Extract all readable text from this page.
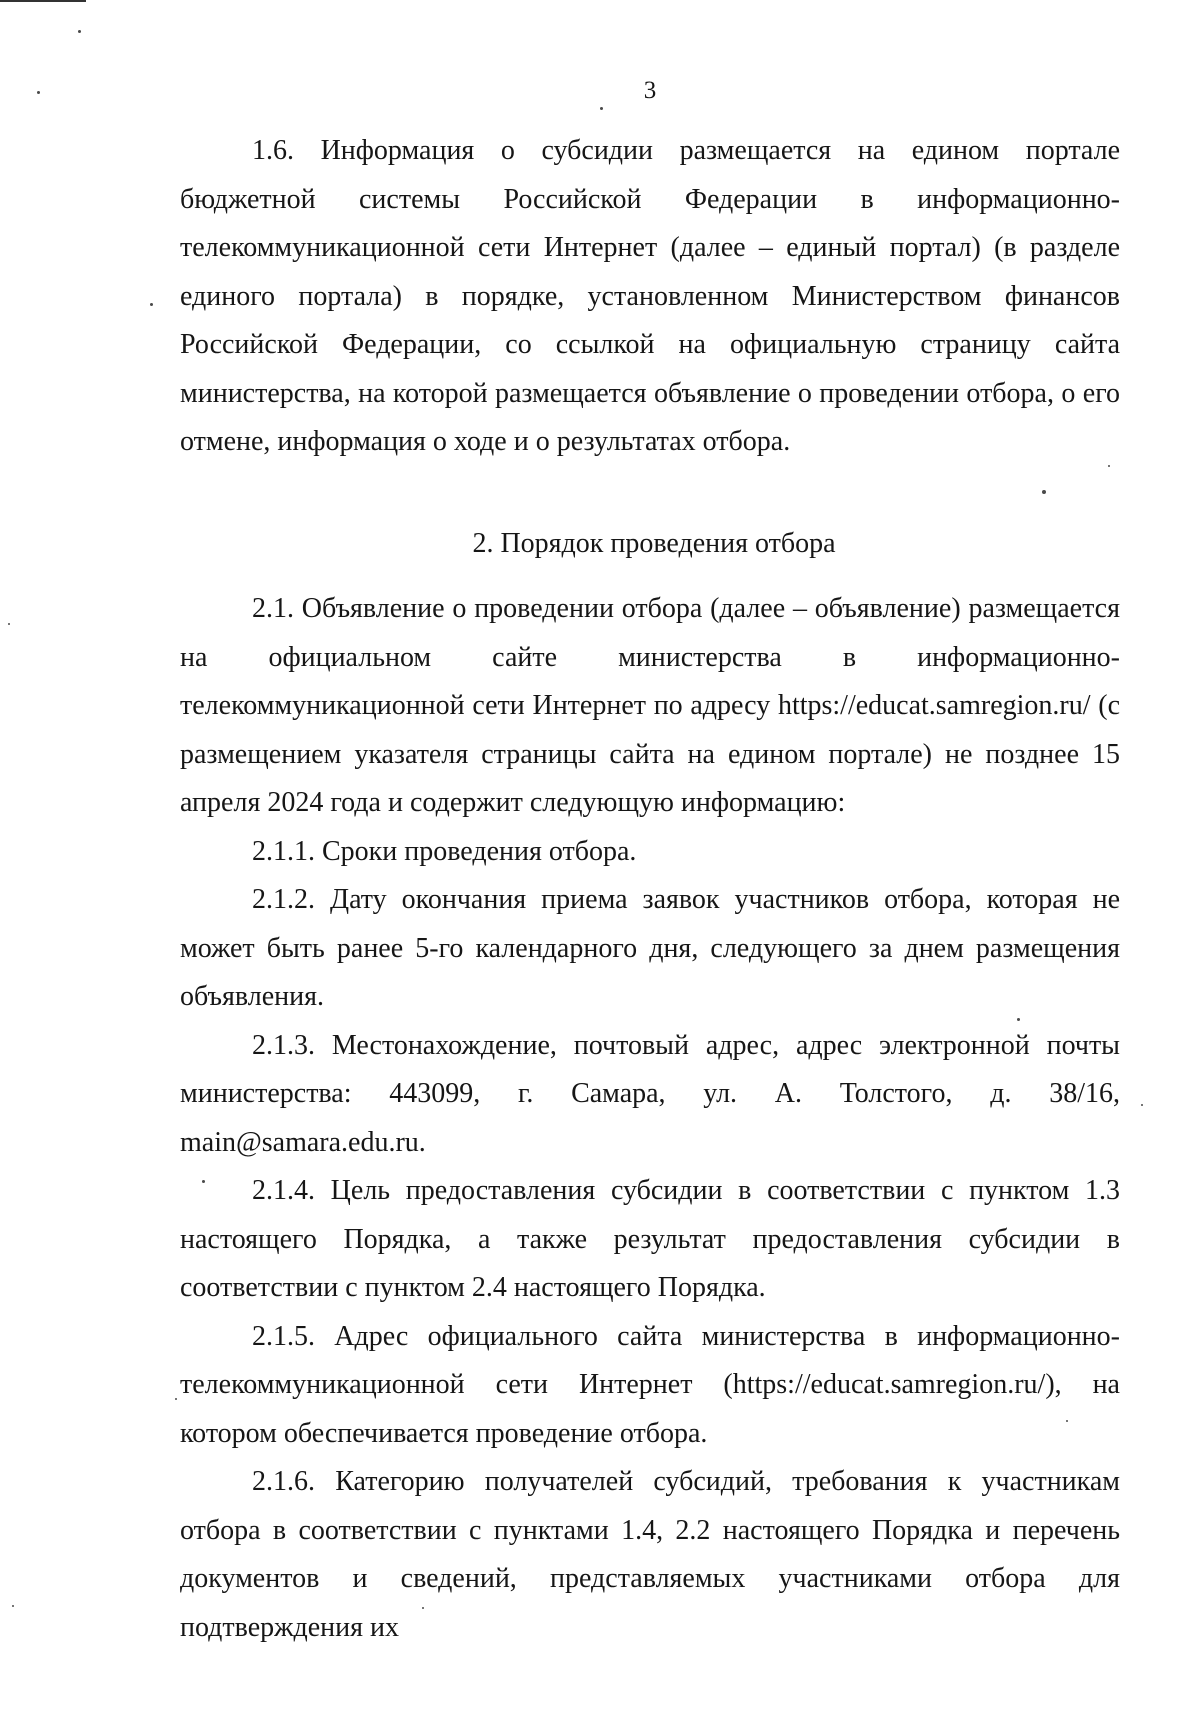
3

1.6. Информация о субсидии размещается на едином портале бюджетной системы Российской Федерации в информационно-телекоммуникационной сети Интернет (далее – единый портал) (в разделе единого портала) в порядке, установленном Министерством финансов Российской Федерации, со ссылкой на официальную страницу сайта министерства, на которой размещается объявление о проведении отбора, о его отмене, информация о ходе и о результатах отбора.

2. Порядок проведения отбора

2.1. Объявление о проведении отбора (далее – объявление) размещается на официальном сайте министерства в информационно-телекоммуникационной сети Интернет по адресу https://educat.samregion.ru/ (с размещением указателя страницы сайта на едином портале) не позднее 15 апреля 2024 года и содержит следующую информацию:

2.1.1. Сроки проведения отбора.

2.1.2. Дату окончания приема заявок участников отбора, которая не может быть ранее 5-го календарного дня, следующего за днем размещения объявления.

2.1.3. Местонахождение, почтовый адрес, адрес электронной почты министерства: 443099, г. Самара, ул. А. Толстого, д. 38/16, main@samara.edu.ru.

2.1.4. Цель предоставления субсидии в соответствии с пунктом 1.3 настоящего Порядка, а также результат предоставления субсидии в соответствии с пунктом 2.4 настоящего Порядка.

2.1.5. Адрес официального сайта министерства в информационно-телекоммуникационной сети Интернет (https://educat.samregion.ru/), на котором обеспечивается проведение отбора.

2.1.6. Категорию получателей субсидий, требования к участникам отбора в соответствии с пунктами 1.4, 2.2 настоящего Порядка и перечень документов и сведений, представляемых участниками отбора для подтверждения их
